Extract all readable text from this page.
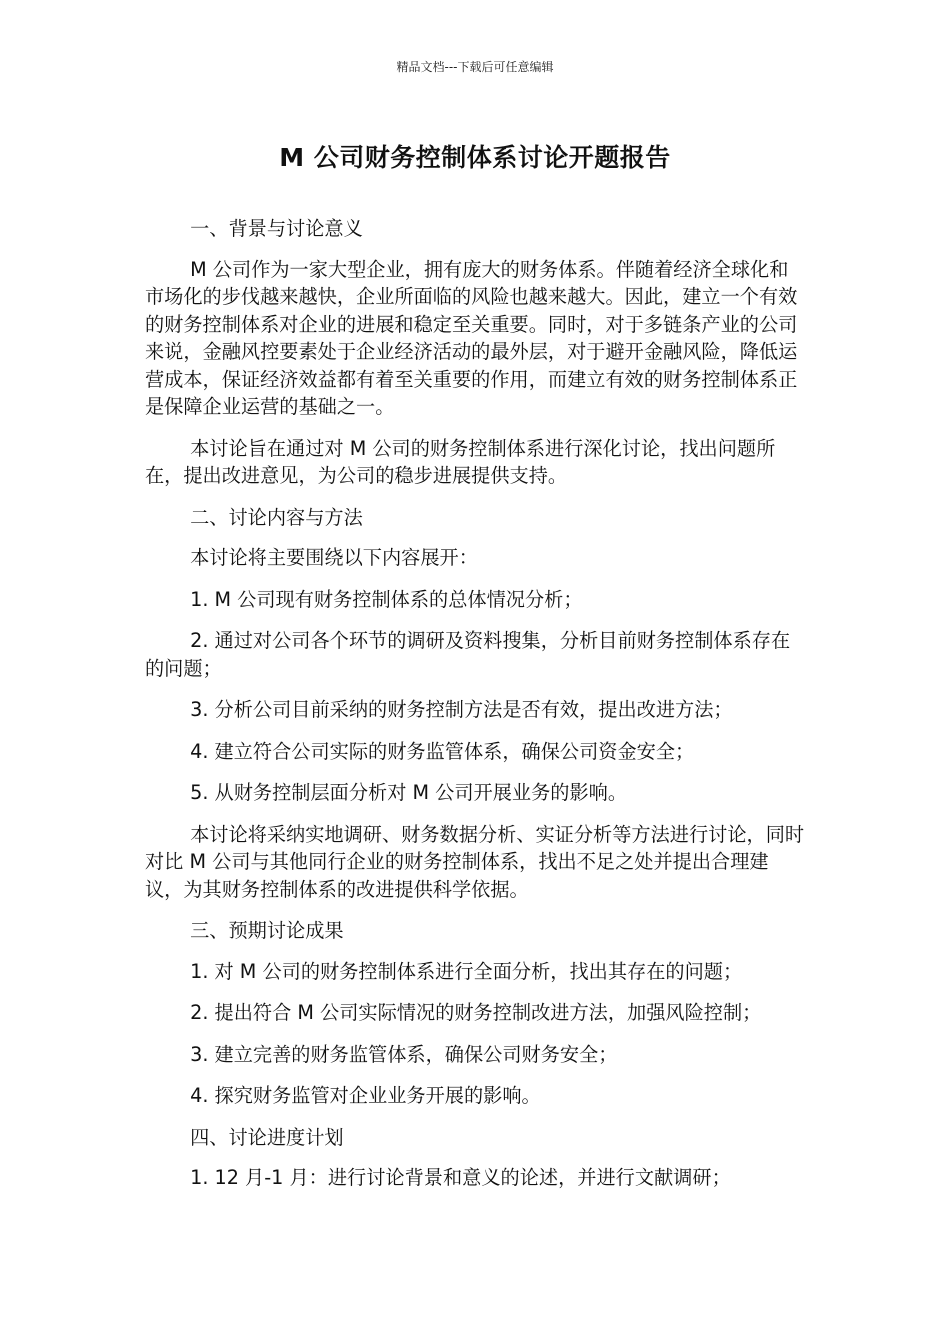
精品文档---下载后可任意编辑
M 公司财务控制体系讨论开题报告

一、背景与讨论意义

M 公司作为一家大型企业，拥有庞大的财务体系。伴随着经济全球化和市场化的步伐越来越快，企业所面临的风险也越来越大。因此，建立一个有效的财务控制体系对企业的进展和稳定至关重要。同时，对于多链条产业的公司来说，金融风控要素处于企业经济活动的最外层，对于避开金融风险，降低运营成本，保证经济效益都有着至关重要的作用，而建立有效的财务控制体系正是保障企业运营的基础之一。

本讨论旨在通过对 M 公司的财务控制体系进行深化讨论，找出问题所在，提出改进意见，为公司的稳步进展提供支持。

二、讨论内容与方法

本讨论将主要围绕以下内容展开：

1. M 公司现有财务控制体系的总体情况分析；

2. 通过对公司各个环节的调研及资料搜集，分析目前财务控制体系存在的问题；

3. 分析公司目前采纳的财务控制方法是否有效，提出改进方法；

4. 建立符合公司实际的财务监管体系，确保公司资金安全；

5. 从财务控制层面分析对 M 公司开展业务的影响。

本讨论将采纳实地调研、财务数据分析、实证分析等方法进行讨论，同时对比 M 公司与其他同行企业的财务控制体系，找出不足之处并提出合理建议，为其财务控制体系的改进提供科学依据。

三、预期讨论成果

1. 对 M 公司的财务控制体系进行全面分析，找出其存在的问题；

2. 提出符合 M 公司实际情况的财务控制改进方法，加强风险控制；

3. 建立完善的财务监管体系，确保公司财务安全；

4. 探究财务监管对企业业务开展的影响。

四、讨论进度计划

1. 12 月-1 月：进行讨论背景和意义的论述，并进行文献调研；
